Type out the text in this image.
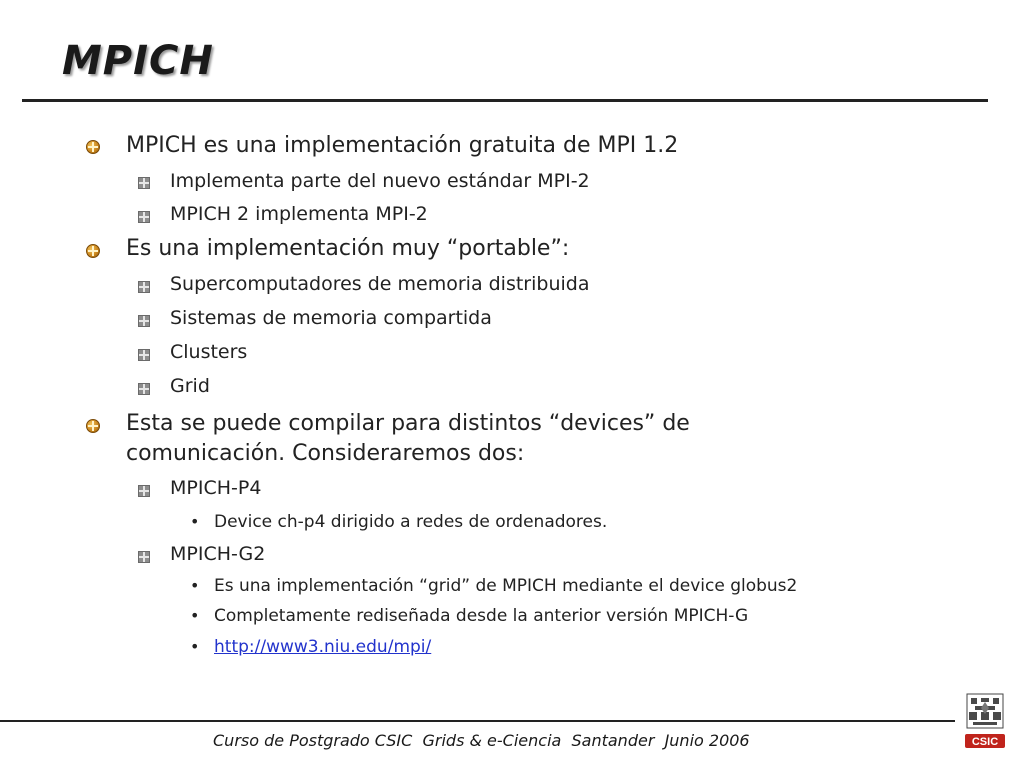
MPICH
MPICH es una implementación gratuita de MPI 1.2
Implementa parte del nuevo estándar MPI-2
MPICH 2 implementa MPI-2
Es una implementación muy “portable”:
Supercomputadores de memoria distribuida
Sistemas de memoria compartida
Clusters
Grid
Esta se puede compilar para distintos “devices” de
comunicación. Consideraremos dos:
MPICH-P4
• Device ch-p4 dirigido a redes de ordenadores.
MPICH-G2
• Es una implementación “grid” de MPICH mediante el device globus2
• Completamente rediseñada desde la anterior versión MPICH-G
• http://www3.niu.edu/mpi/
Curso de Postgrado CSIC  Grids & e-Ciencia  Santander  Junio 2006	CSIC
